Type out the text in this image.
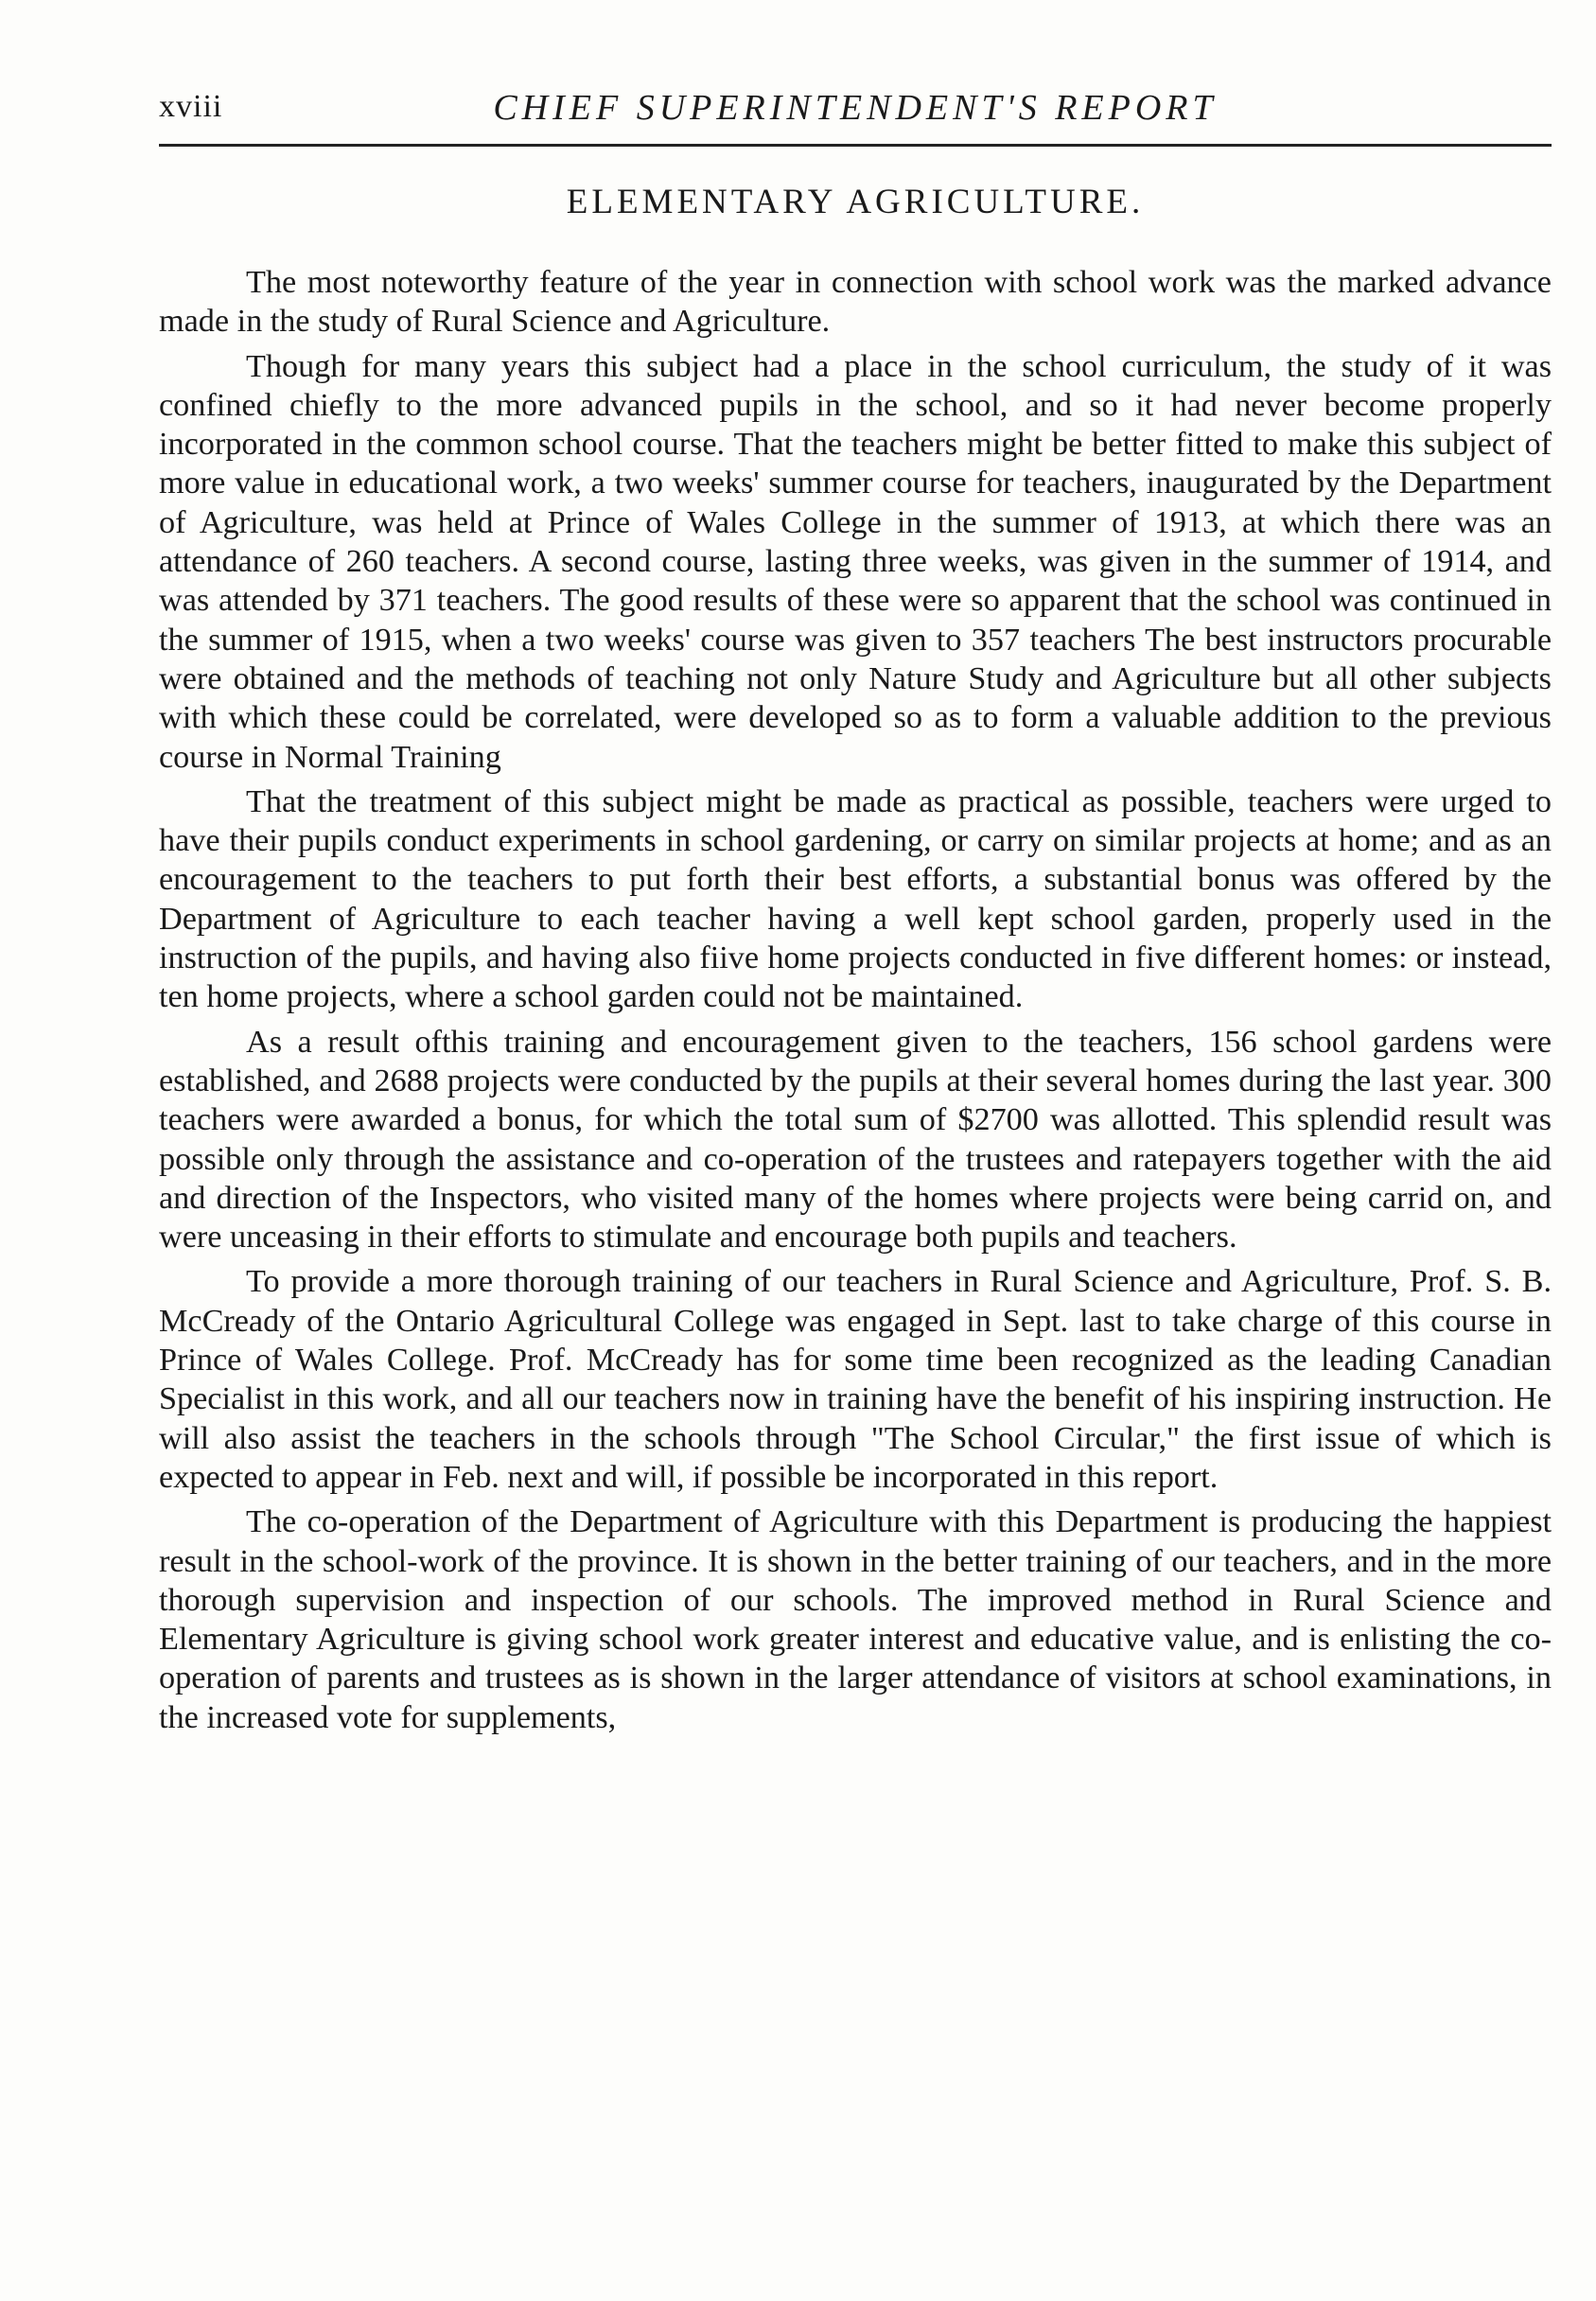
xviii	CHIEF SUPERINTENDENT'S REPORT
ELEMENTARY AGRICULTURE.

The most noteworthy feature of the year in connection with school work was the marked advance made in the study of Rural Science and Agriculture.

Though for many years this subject had a place in the school curriculum, the study of it was confined chiefly to the more advanced pupils in the school, and so it had never become properly incorporated in the common school course. That the teachers might be better fitted to make this subject of more value in educational work, a two weeks' summer course for teachers, inaugurated by the Department of Agriculture, was held at Prince of Wales College in the summer of 1913, at which there was an attendance of 260 teachers. A second course, lasting three weeks, was given in the summer of 1914, and was attended by 371 teachers. The good results of these were so apparent that the school was continued in the summer of 1915, when a two weeks' course was given to 357 teachers The best instructors procurable were obtained and the methods of teaching not only Nature Study and Agriculture but all other subjects with which these could be correlated, were developed so as to form a valuable addition to the previous course in Normal Training

That the treatment of this subject might be made as practical as possible, teachers were urged to have their pupils conduct experiments in school gardening, or carry on similar projects at home; and as an encouragement to the teachers to put forth their best efforts, a substantial bonus was offered by the Department of Agriculture to each teacher having a well kept school garden, properly used in the instruction of the pupils, and having also fiive home projects conducted in five different homes: or instead, ten home projects, where a school garden could not be maintained.

As a result ofthis training and encouragement given to the teachers, 156 school gardens were established, and 2688 projects were conducted by the pupils at their several homes during the last year. 300 teachers were awarded a bonus, for which the total sum of $2700 was allotted. This splendid result was possible only through the assistance and co-operation of the trustees and ratepayers together with the aid and direction of the Inspectors, who visited many of the homes where projects were being carrid on, and were unceasing in their efforts to stimulate and encourage both pupils and teachers.

To provide a more thorough training of our teachers in Rural Science and Agriculture, Prof. S. B. McCready of the Ontario Agricultural College was engaged in Sept. last to take charge of this course in Prince of Wales College. Prof. McCready has for some time been recognized as the leading Canadian Specialist in this work, and all our teachers now in training have the benefit of his inspiring instruction. He will also assist the teachers in the schools through "The School Circular," the first issue of which is expected to appear in Feb. next and will, if possible be incorporated in this report.

The co-operation of the Department of Agriculture with this Department is producing the happiest result in the school-work of the province. It is shown in the better training of our teachers, and in the more thorough supervision and inspection of our schools. The improved method in Rural Science and Elementary Agriculture is giving school work greater interest and educative value, and is enlisting the co-operation of parents and trustees as is shown in the larger attendance of visitors at school examinations, in the increased vote for supplements,
